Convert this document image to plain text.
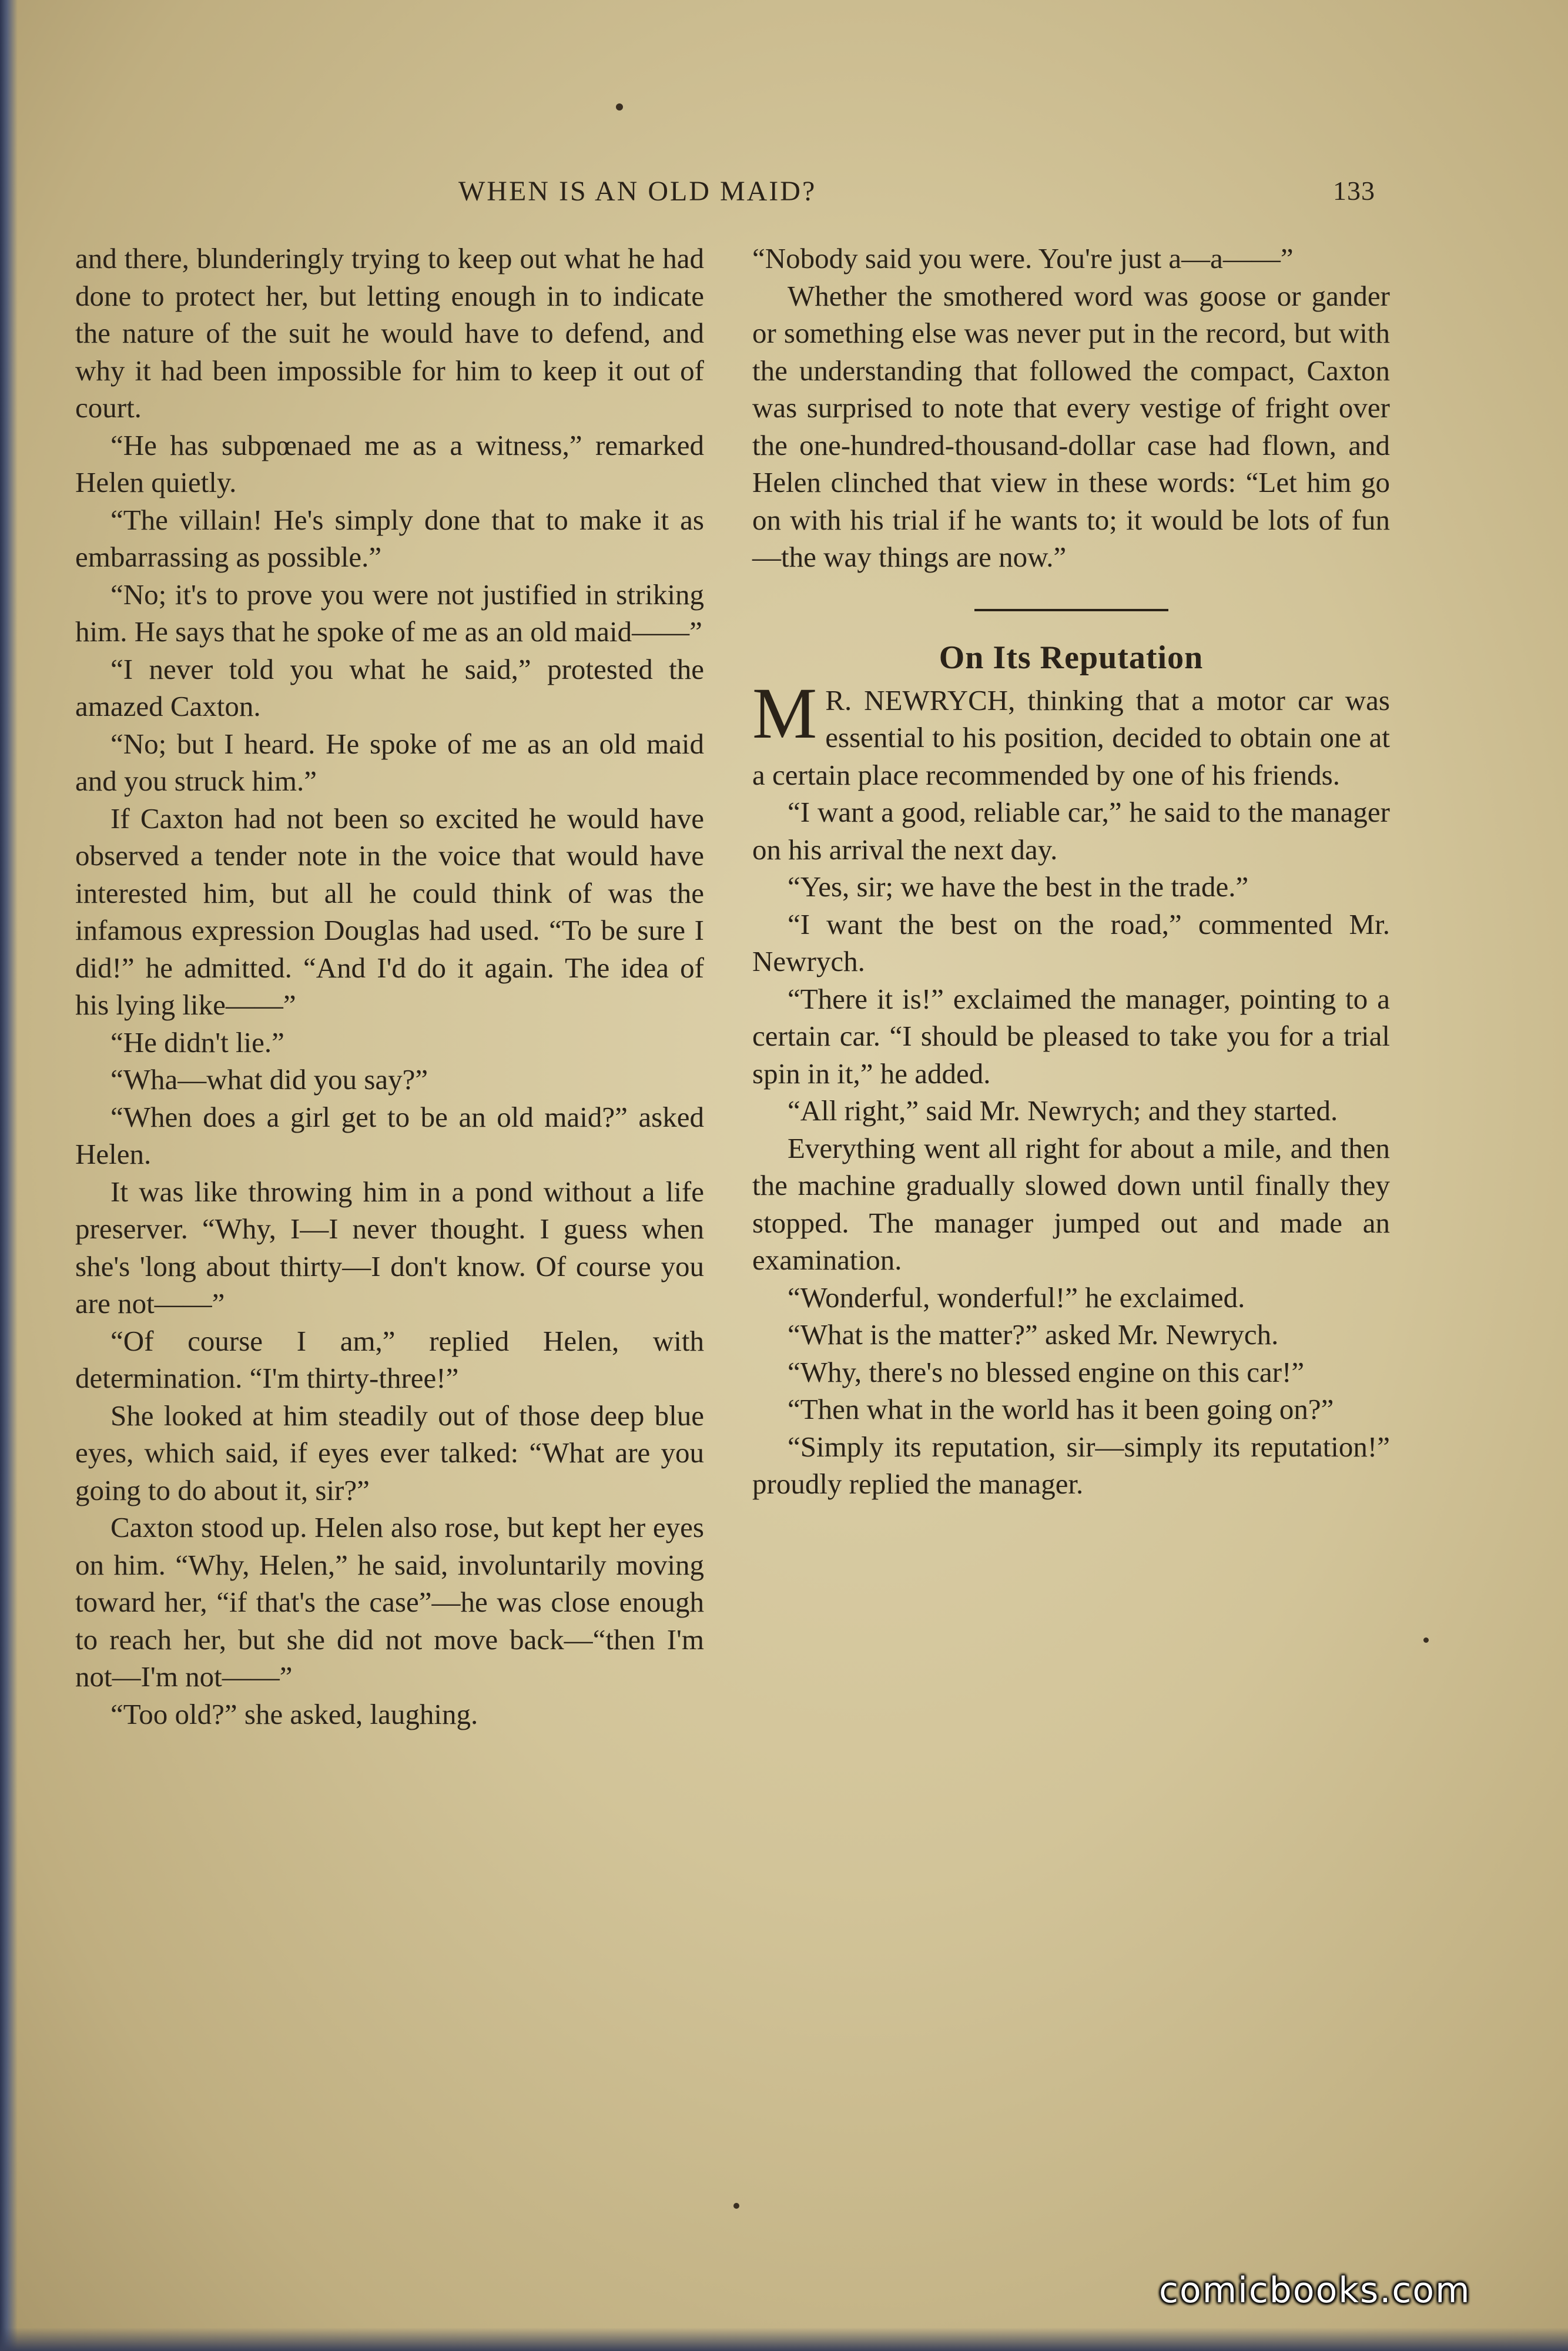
WHEN IS AN OLD MAID?	133

and there, blunderingly trying to keep out what he had done to protect her, but letting enough in to indicate the nature of the suit he would have to defend, and why it had been impossible for him to keep it out of court.

“He has subpœnaed me as a witness,” remarked Helen quietly.

“The villain! He's simply done that to make it as embarrassing as possible.”

“No; it's to prove you were not justified in striking him. He says that he spoke of me as an old maid——”

“I never told you what he said,” protested the amazed Caxton.

“No; but I heard. He spoke of me as an old maid and you struck him.”

If Caxton had not been so excited he would have observed a tender note in the voice that would have interested him, but all he could think of was the infamous expression Douglas had used. “To be sure I did!” he admitted. “And I'd do it again. The idea of his lying like——”

“He didn't lie.”

“Wha—what did you say?”

“When does a girl get to be an old maid?” asked Helen.

It was like throwing him in a pond without a life preserver. “Why, I—I never thought. I guess when she's 'long about thirty—I don't know. Of course you are not——”

“Of course I am,” replied Helen, with determination. “I'm thirty-three!”

She looked at him steadily out of those deep blue eyes, which said, if eyes ever talked: “What are you going to do about it, sir?”

Caxton stood up. Helen also rose, but kept her eyes on him. “Why, Helen,” he said, involuntarily moving toward her, “if that's the case”—he was close enough to reach her, but she did not move back—“then I'm not—I'm not——”

“Too old?” she asked, laughing.

“Nobody said you were. You're just a—a——”

Whether the smothered word was goose or gander or something else was never put in the record, but with the understanding that followed the compact, Caxton was surprised to note that every vestige of fright over the one-hundred-thousand-dollar case had flown, and Helen clinched that view in these words: “Let him go on with his trial if he wants to; it would be lots of fun—the way things are now.”

On Its Reputation

M R. NEWRYCH, thinking that a motor car was essential to his position, decided to obtain one at a certain place recommended by one of his friends.

“I want a good, reliable car,” he said to the manager on his arrival the next day.

“Yes, sir; we have the best in the trade.”

“I want the best on the road,” commented Mr. Newrych.

“There it is!” exclaimed the manager, pointing to a certain car. “I should be pleased to take you for a trial spin in it,” he added.

“All right,” said Mr. Newrych; and they started.

Everything went all right for about a mile, and then the machine gradually slowed down until finally they stopped. The manager jumped out and made an examination.

“Wonderful, wonderful!” he exclaimed.

“What is the matter?” asked Mr. Newrych.

“Why, there's no blessed engine on this car!”

“Then what in the world has it been going on?”

“Simply its reputation, sir—simply its reputation!” proudly replied the manager.

comicbooks.com
